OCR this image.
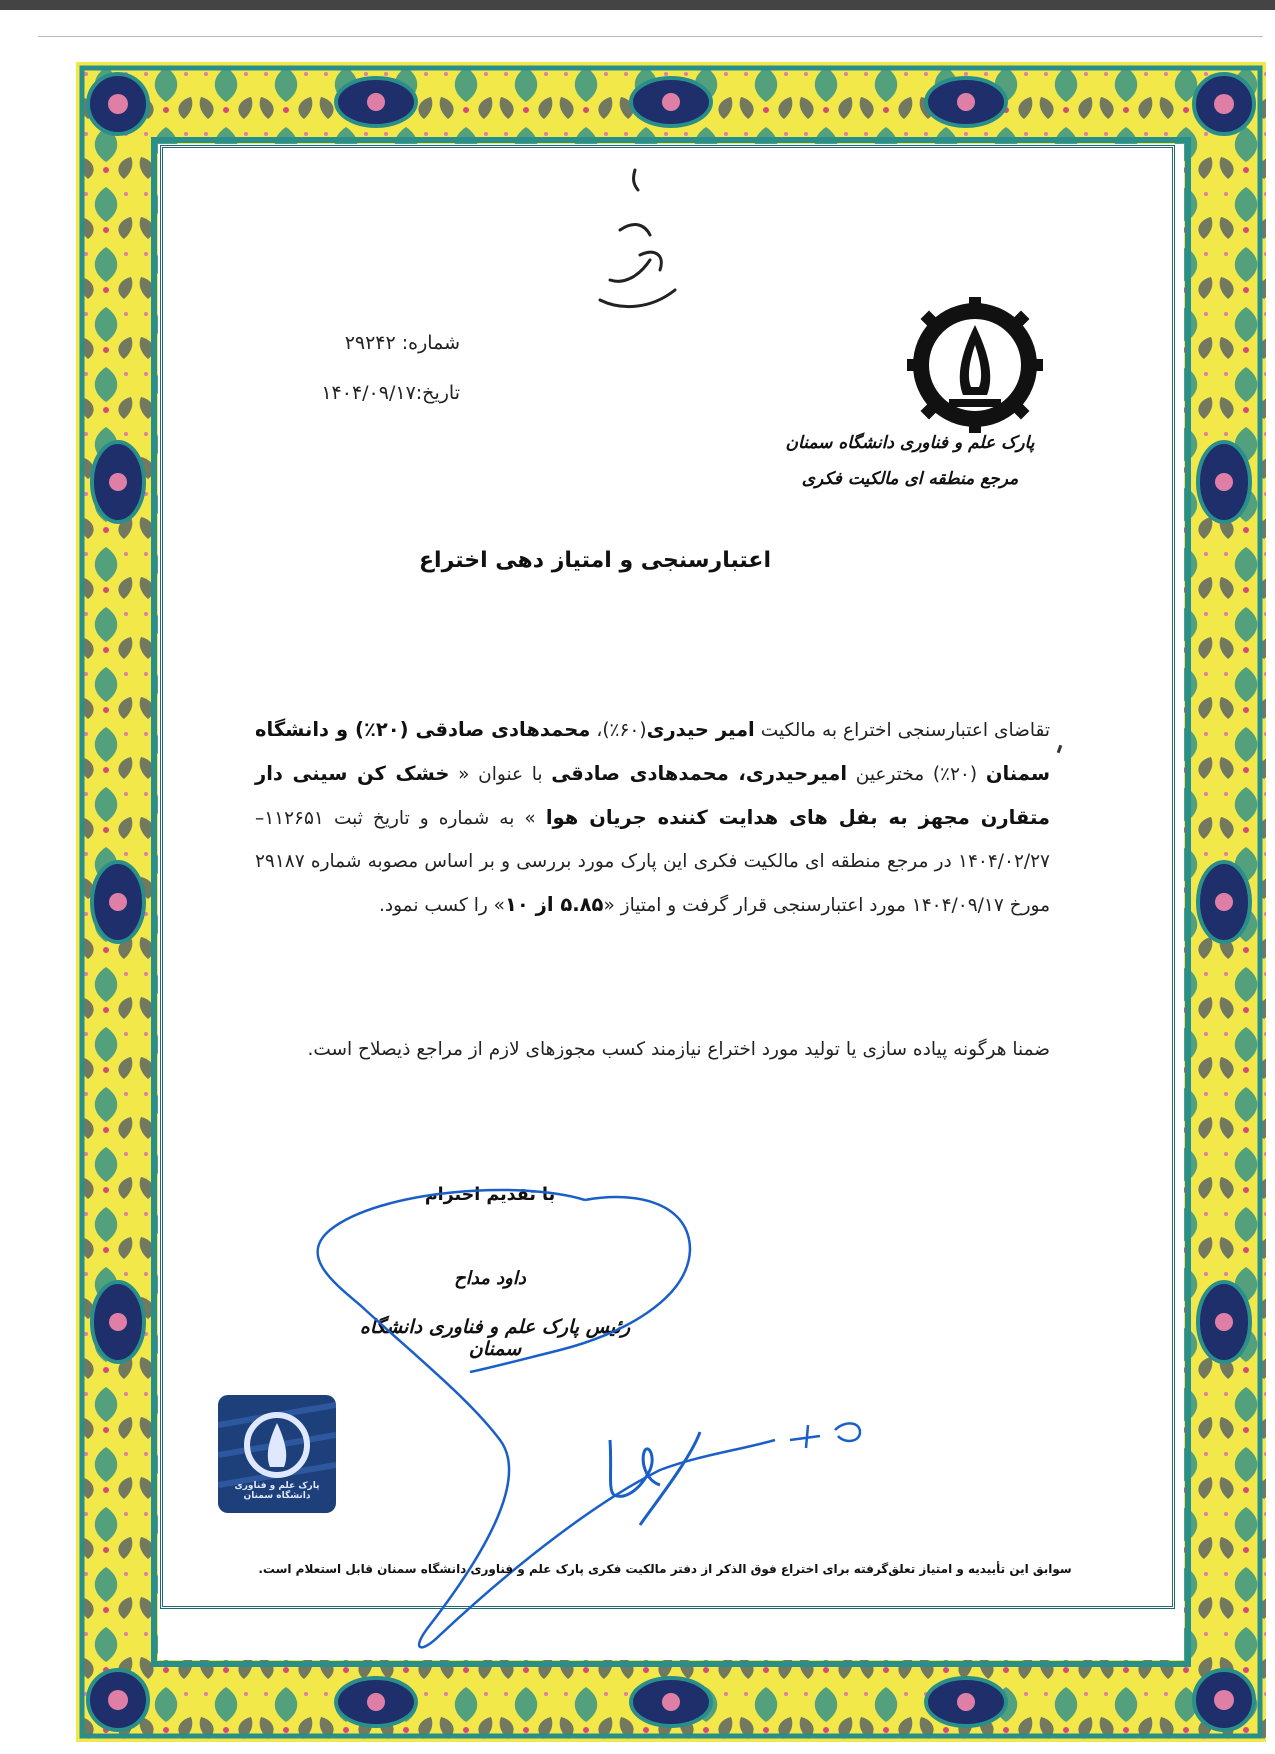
شماره: ۲۹۲۴۲
تاریخ:۱۴۰۴/۰۹/۱۷
پارک علم و فناوری دانشگاه سمنان
مرجع منطقه ای مالکیت فکری
اعتبارسنجی و امتیاز دهی اختراع
تقاضای اعتبارسنجی اختراع به مالکیت امیر حیدری(۶۰٪)، محمدهادی صادقی (۲۰٪) و دانشگاه سمنان (۲۰٪) مخترعین امیرحیدری، محمدهادی صادقی با عنوان « خشک کن سینی دار متقارن مجهز به بفل های هدایت کننده جریان هوا » به شماره و تاریخ ثبت ۱۱۲۶۵۱– ۱۴۰۴/۰۲/۲۷ در مرجع منطقه ای مالکیت فکری این پارک مورد بررسی و بر اساس مصوبه شماره ۲۹۱۸۷ مورخ ۱۴۰۴/۰۹/۱۷ مورد اعتبارسنجی قرار گرفت و امتیاز «۵.۸۵ از ۱۰» را کسب نمود.
ضمنا هرگونه پیاده سازی یا تولید مورد اختراع نیازمند کسب مجوزهای لازم از مراجع ذیصلاح است.
با تقدیم احترام
داود مداح
رئیس پارک علم و فناوری دانشگاه سمنان
پارک علم و فناوری دانشگاه سمنان
سوابق این تأییدیه و امتیاز تعلق‌گرفته برای اختراع فوق الذکر از دفتر مالکیت فکری پارک علم و فناوری دانشگاه سمنان قابل استعلام است.
